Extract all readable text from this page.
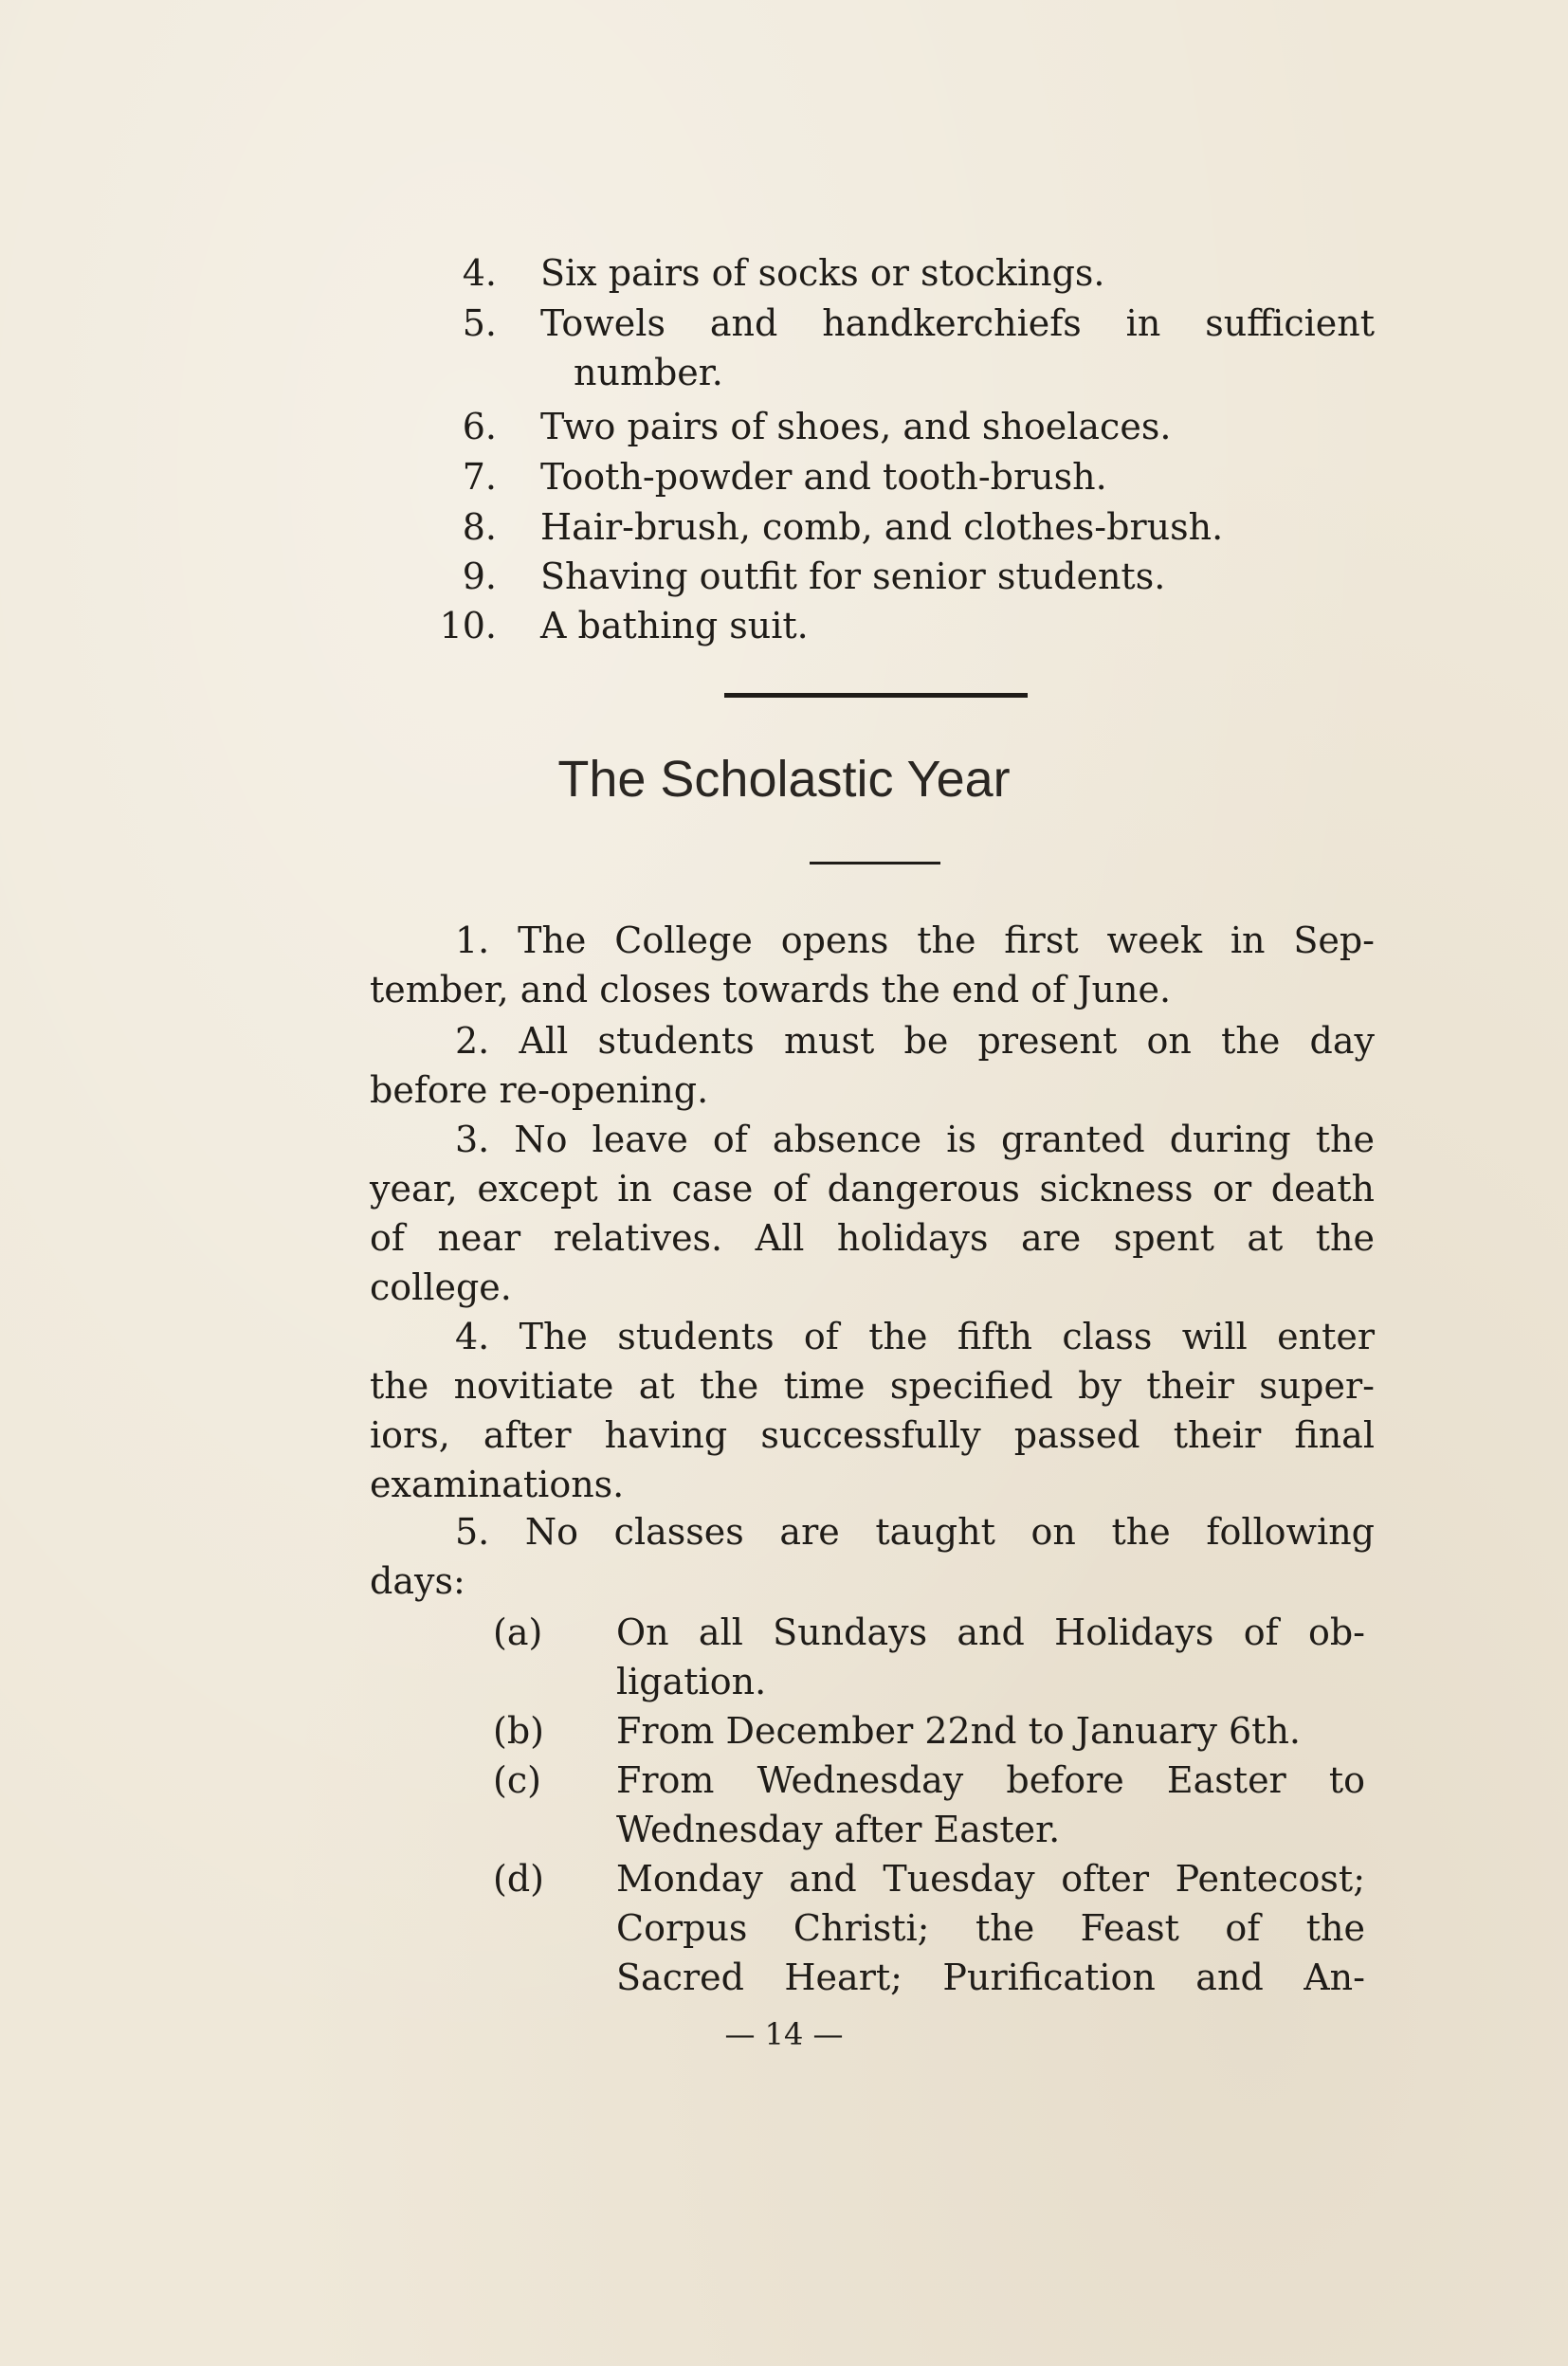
4. Six pairs of socks or stockings.
5. Towels and handkerchiefs in sufficient
number.
6. Two pairs of shoes, and shoelaces.
7. Tooth-powder and tooth-brush.
8. Hair-brush, comb, and clothes-brush.
9. Shaving outfit for senior students.
10. A bathing suit.
The Scholastic Year
1. The College opens the first week in Sep-
tember, and closes towards the end of June.
2. All students must be present on the day
before re-opening.
3. No leave of absence is granted during the
year, except in case of dangerous sickness or death
of near relatives. All holidays are spent at the
college.
4. The students of the fifth class will enter
the novitiate at the time specified by their super-
iors, after having successfully passed their final
examinations.
5. No classes are taught on the following
days:
(a)	On all Sundays and Holidays of ob-
ligation.
(b)	From December 22nd to January 6th.
(c)	From Wednesday before Easter to
Wednesday after Easter.
(d)	Monday and Tuesday ofter Pentecost;
Corpus Christi; the Feast of the
Sacred Heart; Purification and An-
— 14 —
